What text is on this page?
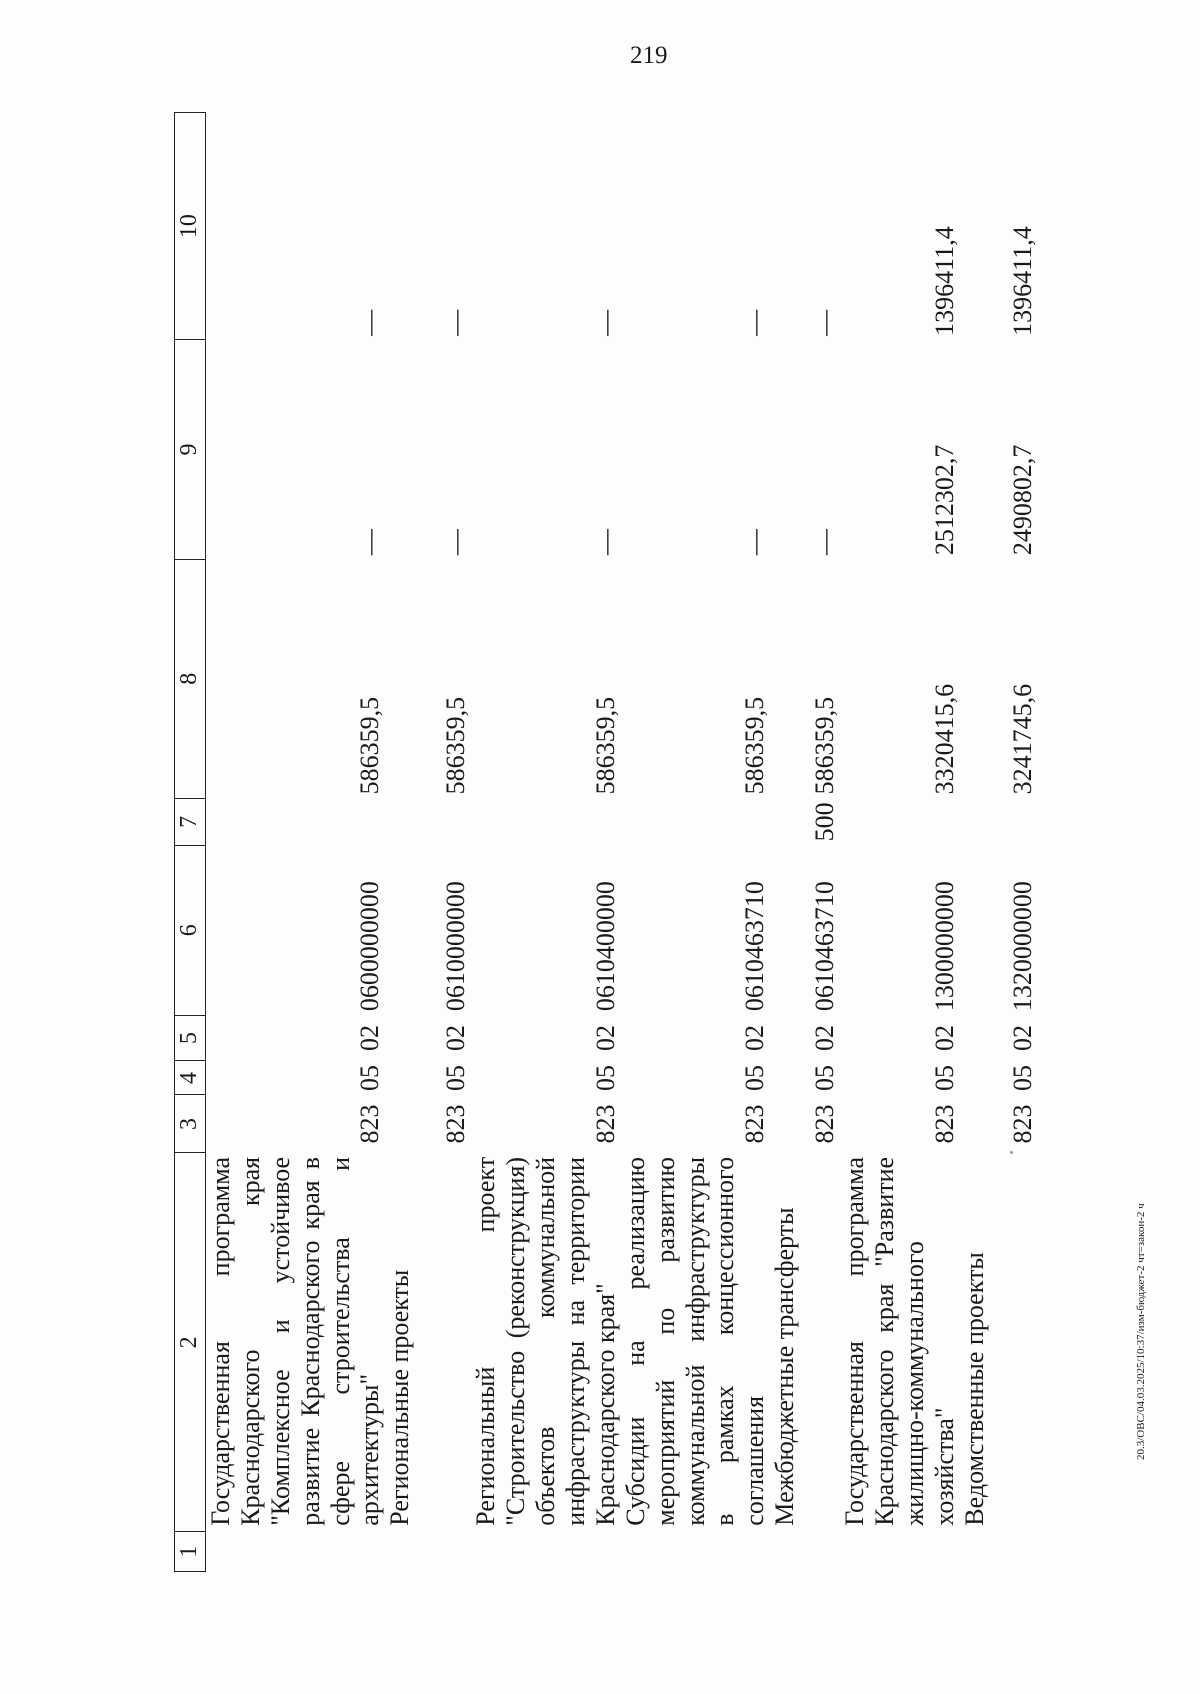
219
1	2	3	4	5	6	7	8	9	10
	Государственная программа Краснодарского края "Комплексное и устойчивое развитие Краснодарского края в сфере строительства и архитектуры"	823	05	02	0600000000		586359,5	—	—
	Региональные проекты	823	05	02	0610000000		586359,5	—	—
	Региональный проект "Строительство (реконструкция) объектов коммунальной инфраструктуры на территории Краснодарского края"	823	05	02	0610400000		586359,5	—	—
	Субсидии на реализацию мероприятий по развитию коммунальной инфраструктуры в рамках концессионного соглашения	823	05	02	0610463710		586359,5	—	—
	Межбюджетные трансферты	823	05	02	0610463710	500	586359,5	—	—
	Государственная программа Краснодарского края "Развитие жилищно-коммунального хозяйства"	823	05	02	1300000000		3320415,6	2512302,7	1396411,4
	Ведомственные проекты	823	05	02	1320000000		3241745,6	2490802,7	1396411,4
20.3/ОВС/04.03.2025/10:37/изм-бюджет-2 чт=закон-2 ч
